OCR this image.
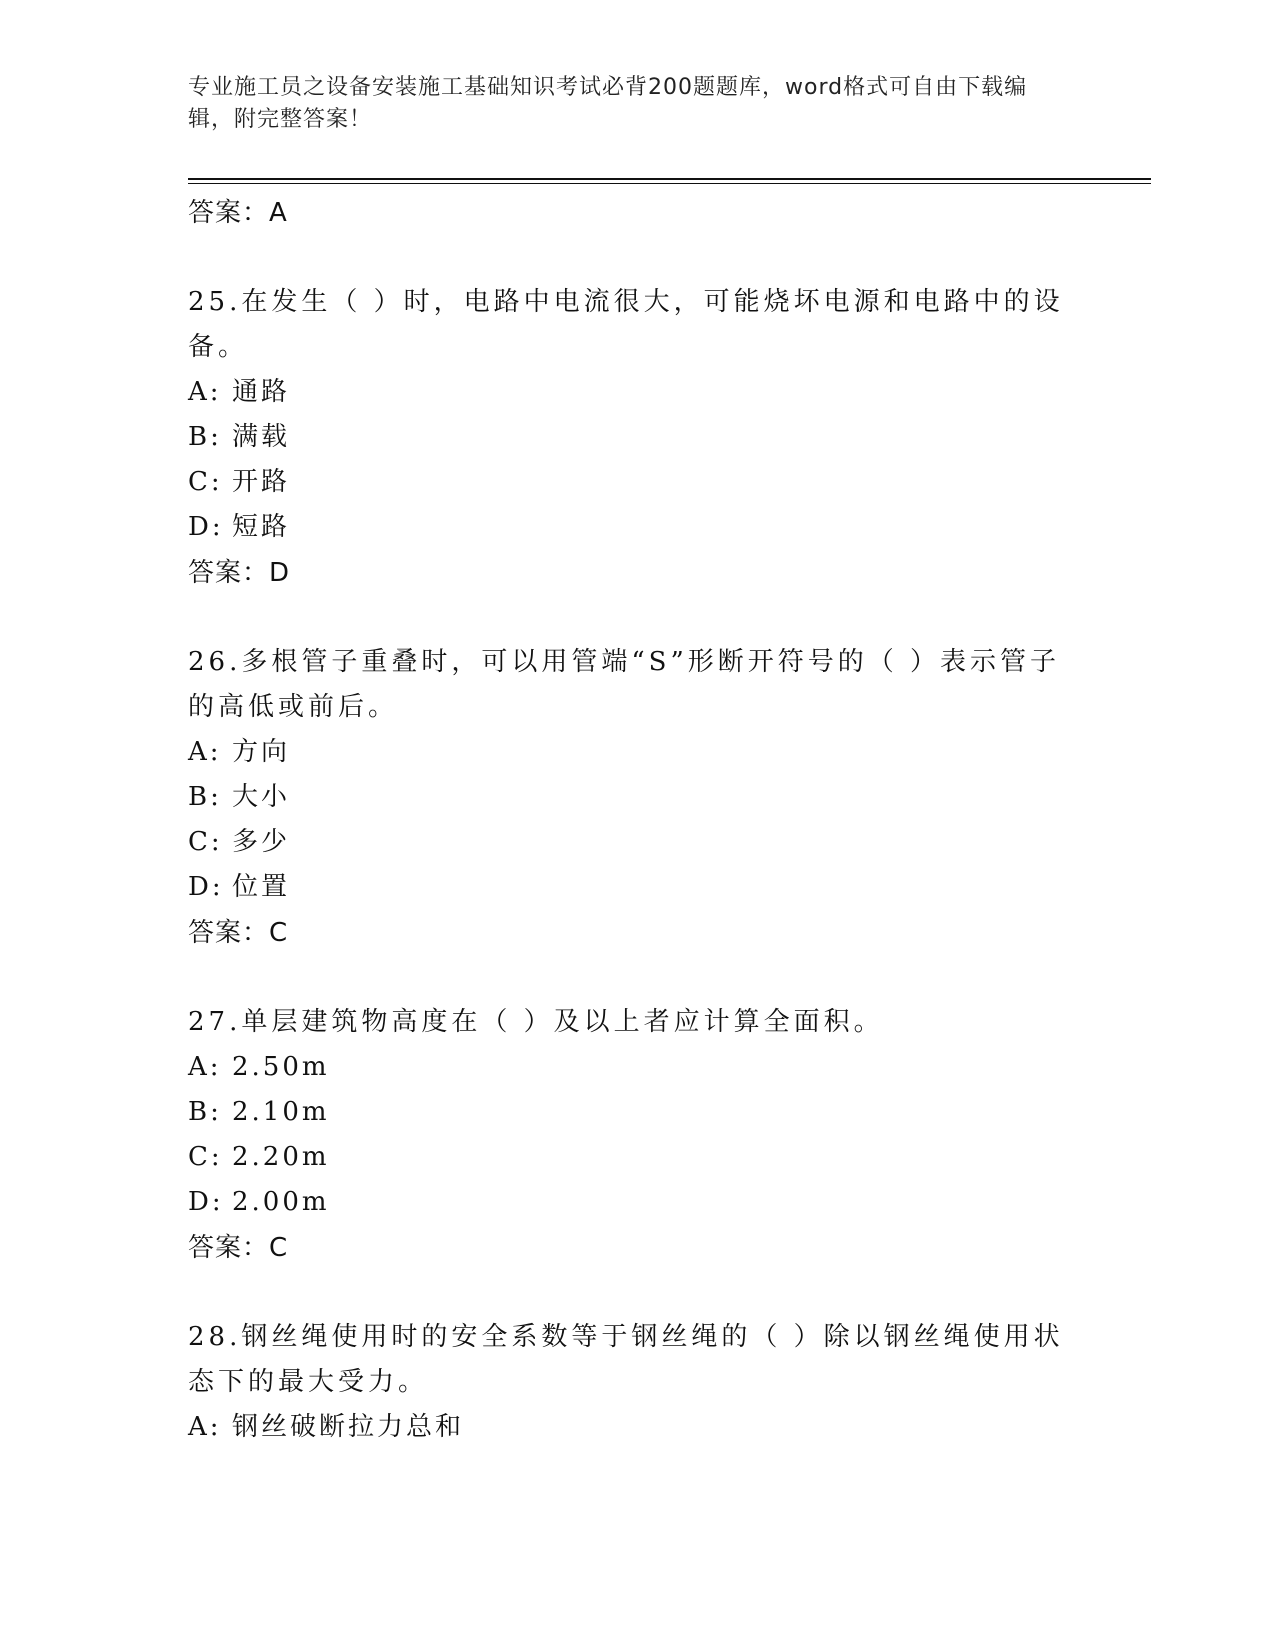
专业施工员之设备安装施工基础知识考试必背200题题库，word格式可自由下载编辑，附完整答案！
答案：A
25.在发生（ ）时，电路中电流很大，可能烧坏电源和电路中的设备。
A: 通路
B: 满载
C: 开路
D: 短路
答案：D
26.多根管子重叠时，可以用管端“S”形断开符号的（ ）表示管子的高低或前后。
A: 方向
B: 大小
C: 多少
D: 位置
答案：C
27.单层建筑物高度在（ ）及以上者应计算全面积。
A: 2.50m
B: 2.10m
C: 2.20m
D: 2.00m
答案：C
28.钢丝绳使用时的安全系数等于钢丝绳的（ ）除以钢丝绳使用状态下的最大受力。
A: 钢丝破断拉力总和
